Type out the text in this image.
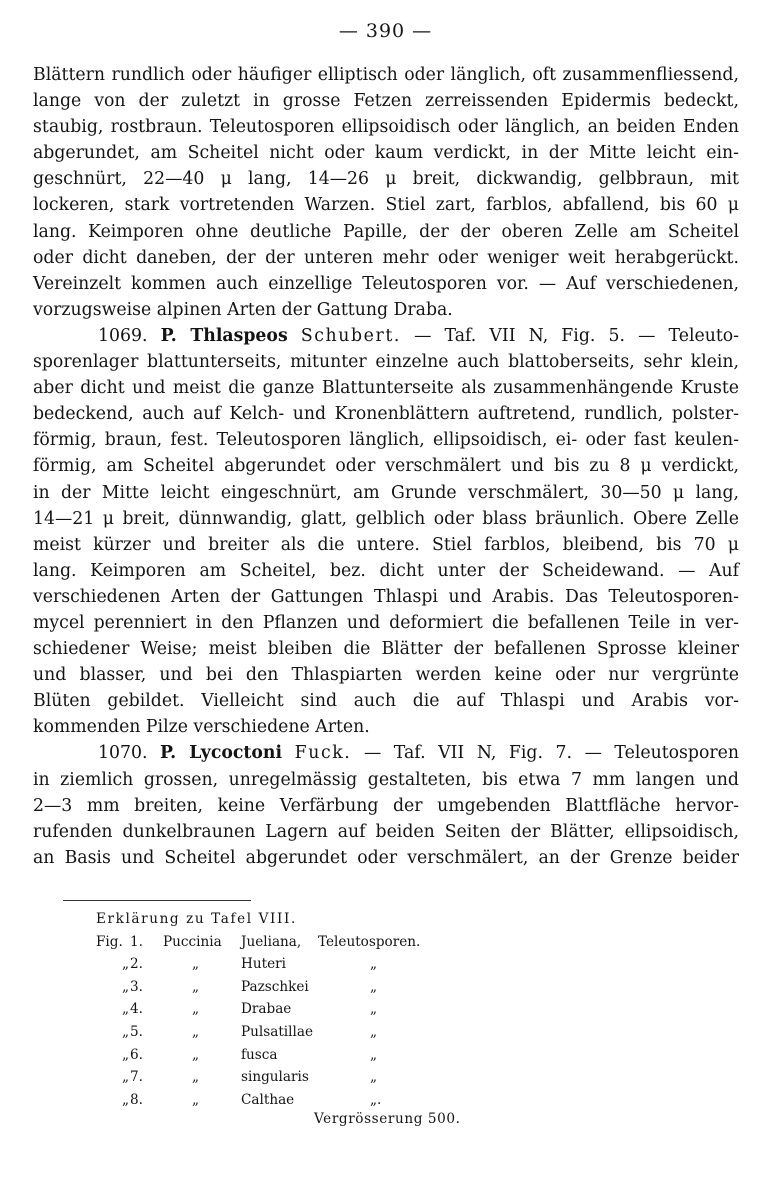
— 390 —
Blättern rundlich oder häufiger elliptisch oder länglich, oft zusammenfliessend,
lange von der zuletzt in grosse Fetzen zerreissenden Epidermis bedeckt,
staubig, rostbraun. Teleutosporen ellipsoidisch oder länglich, an beiden Enden
abgerundet, am Scheitel nicht oder kaum verdickt, in der Mitte leicht ein-
geschnürt, 22—40 μ lang, 14—26 μ breit, dickwandig, gelbbraun, mit
lockeren, stark vortretenden Warzen. Stiel zart, farblos, abfallend, bis 60 μ
lang. Keimporen ohne deutliche Papille, der der oberen Zelle am Scheitel
oder dicht daneben, der der unteren mehr oder weniger weit herabgerückt.
Vereinzelt kommen auch einzellige Teleutosporen vor. — Auf verschiedenen,
vorzugsweise alpinen Arten der Gattung Draba.
1069. P. Thlaspeos Schubert. — Taf. VII N, Fig. 5. — Teleuto-
sporenlager blattunterseits, mitunter einzelne auch blattoberseits, sehr klein,
aber dicht und meist die ganze Blattunterseite als zusammenhängende Kruste
bedeckend, auch auf Kelch- und Kronenblättern auftretend, rundlich, polster-
förmig, braun, fest. Teleutosporen länglich, ellipsoidisch, ei- oder fast keulen-
förmig, am Scheitel abgerundet oder verschmälert und bis zu 8 μ verdickt,
in der Mitte leicht eingeschnürt, am Grunde verschmälert, 30—50 μ lang,
14—21 μ breit, dünnwandig, glatt, gelblich oder blass bräunlich. Obere Zelle
meist kürzer und breiter als die untere. Stiel farblos, bleibend, bis 70 μ
lang. Keimporen am Scheitel, bez. dicht unter der Scheidewand. — Auf
verschiedenen Arten der Gattungen Thlaspi und Arabis. Das Teleutosporen-
mycel perenniert in den Pflanzen und deformiert die befallenen Teile in ver-
schiedener Weise; meist bleiben die Blätter der befallenen Sprosse kleiner
und blasser, und bei den Thlaspiarten werden keine oder nur vergrünte
Blüten gebildet. Vielleicht sind auch die auf Thlaspi und Arabis vor-
kommenden Pilze verschiedene Arten.
1070. P. Lycoctoni Fuck. — Taf. VII N, Fig. 7. — Teleutosporen
in ziemlich grossen, unregelmässig gestalteten, bis etwa 7 mm langen und
2—3 mm breiten, keine Verfärbung der umgebenden Blattfläche hervor-
rufenden dunkelbraunen Lagern auf beiden Seiten der Blätter, ellipsoidisch,
an Basis und Scheitel abgerundet oder verschmälert, an der Grenze beider
Erklärung zu Tafel VIII.
Fig. 1. Puccinia Jueliana, Teleutosporen.
„ 2.	„	Huteri	„
„ 3.	„	Pazschkei	„
„ 4.	„	Drabae	„
„ 5.	„	Pulsatillae	„
„ 6.	„	fusca	„
„ 7.	„	singularis	„
„ 8.	„	Calthae	„.
Vergrösserung 500.
